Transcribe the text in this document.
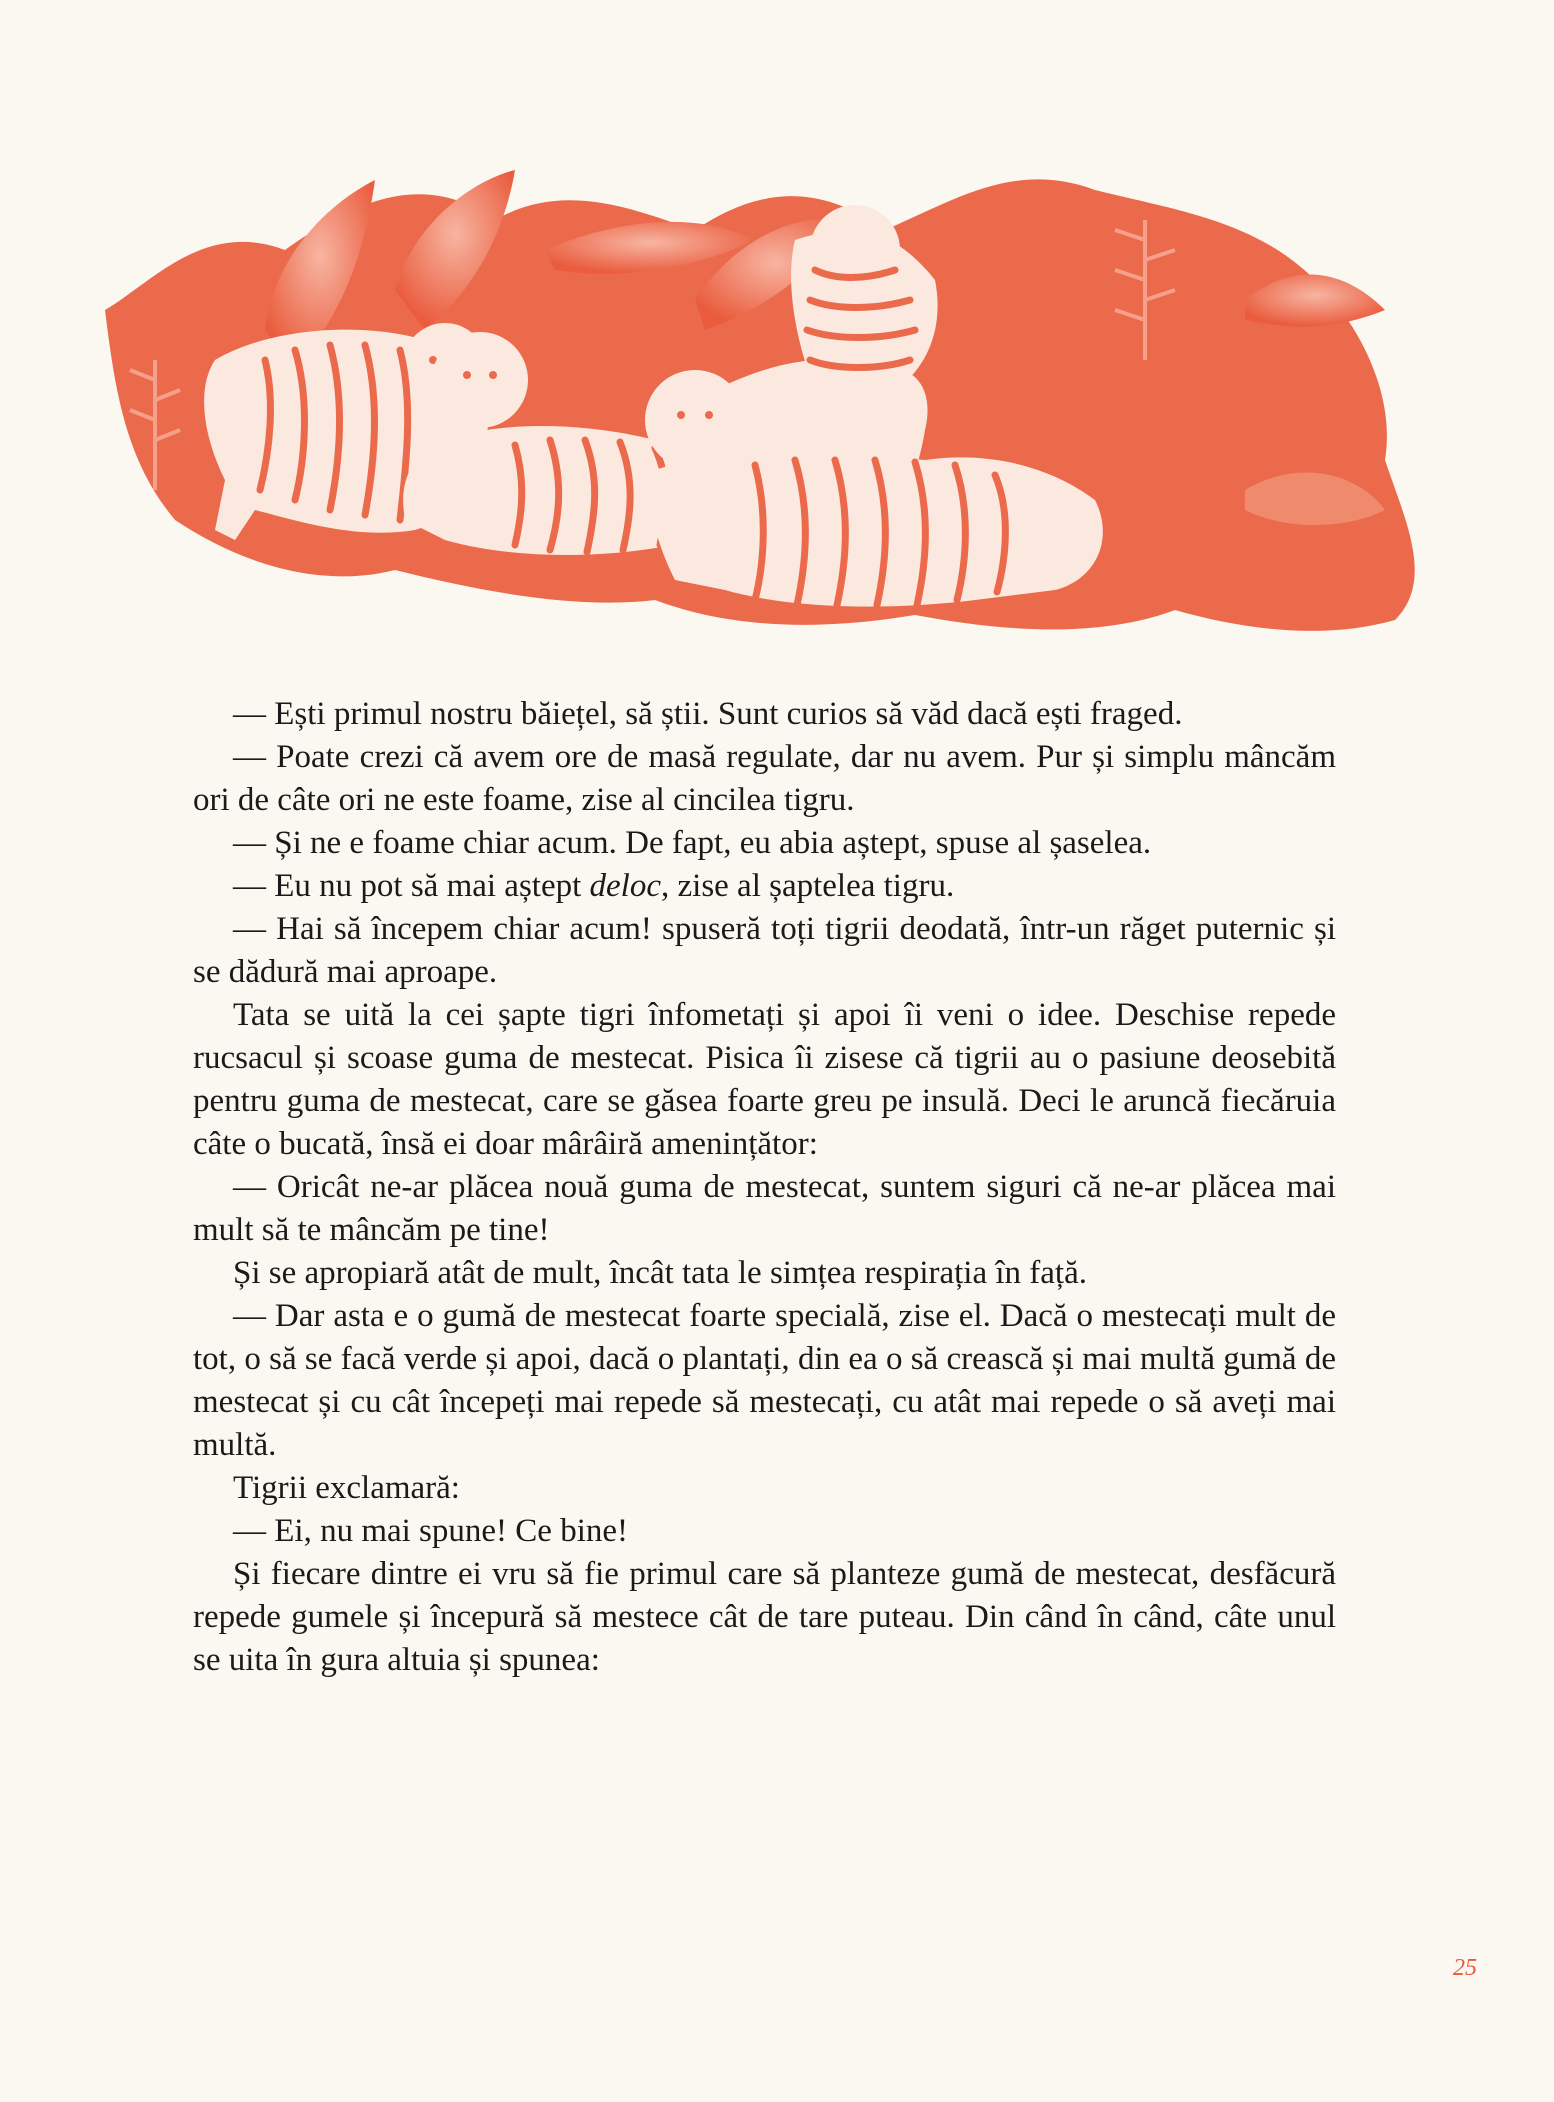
— Ești primul nostru băiețel, să știi. Sunt curios să văd dacă ești fraged.

— Poate crezi că avem ore de masă regulate, dar nu avem. Pur și simplu mâncăm ori de câte ori ne este foame, zise al cincilea tigru.

— Și ne e foame chiar acum. De fapt, eu abia aștept, spuse al șaselea.

— Eu nu pot să mai aștept deloc, zise al șaptelea tigru.

— Hai să începem chiar acum! spuseră toți tigrii deodată, într-un răget puternic și se dădură mai aproape.

Tata se uită la cei șapte tigri înfometați și apoi îi veni o idee. Deschise repede rucsacul și scoase guma de mestecat. Pisica îi zisese că tigrii au o pasiune deosebită pentru guma de mestecat, care se găsea foarte greu pe insulă. Deci le aruncă fiecăruia câte o bucată, însă ei doar mârâiră amenințător:

— Oricât ne-ar plăcea nouă guma de mestecat, suntem siguri că ne-ar plăcea mai mult să te mâncăm pe tine!

Și se apropiară atât de mult, încât tata le simțea respirația în față.

— Dar asta e o gumă de mestecat foarte specială, zise el. Dacă o mestecați mult de tot, o să se facă verde și apoi, dacă o plantați, din ea o să crească și mai multă gumă de mestecat și cu cât începeți mai repede să mestecați, cu atât mai repede o să aveți mai multă.

Tigrii exclamară:

— Ei, nu mai spune! Ce bine!

Și fiecare dintre ei vru să fie primul care să planteze gumă de mestecat, desfăcură repede gumele și începură să mestece cât de tare puteau. Din când în când, câte unul se uita în gura altuia și spunea:

25
